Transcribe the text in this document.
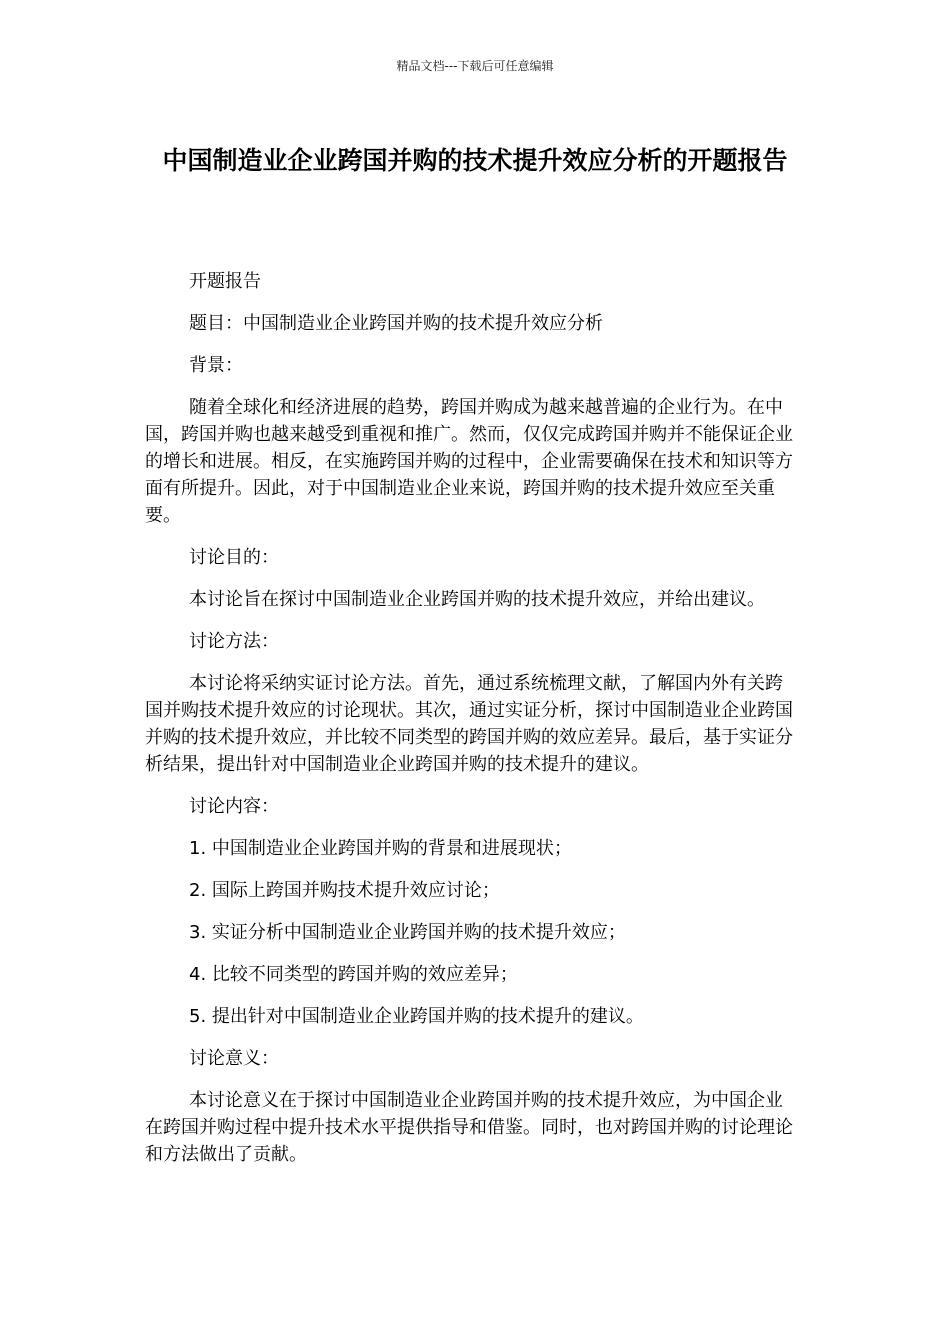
精品文档---下载后可任意编辑
中国制造业企业跨国并购的技术提升效应分析的开题报告

开题报告

题目：中国制造业企业跨国并购的技术提升效应分析

背景：

随着全球化和经济进展的趋势，跨国并购成为越来越普遍的企业行为。在中国，跨国并购也越来越受到重视和推广。然而，仅仅完成跨国并购并不能保证企业的增长和进展。相反，在实施跨国并购的过程中，企业需要确保在技术和知识等方面有所提升。因此，对于中国制造业企业来说，跨国并购的技术提升效应至关重要。

讨论目的：

本讨论旨在探讨中国制造业企业跨国并购的技术提升效应，并给出建议。

讨论方法：

本讨论将采纳实证讨论方法。首先，通过系统梳理文献，了解国内外有关跨国并购技术提升效应的讨论现状。其次，通过实证分析，探讨中国制造业企业跨国并购的技术提升效应，并比较不同类型的跨国并购的效应差异。最后，基于实证分析结果，提出针对中国制造业企业跨国并购的技术提升的建议。

讨论内容：

1. 中国制造业企业跨国并购的背景和进展现状；

2. 国际上跨国并购技术提升效应讨论；

3. 实证分析中国制造业企业跨国并购的技术提升效应；

4. 比较不同类型的跨国并购的效应差异；

5. 提出针对中国制造业企业跨国并购的技术提升的建议。

讨论意义：

本讨论意义在于探讨中国制造业企业跨国并购的技术提升效应，为中国企业在跨国并购过程中提升技术水平提供指导和借鉴。同时，也对跨国并购的讨论理论和方法做出了贡献。
